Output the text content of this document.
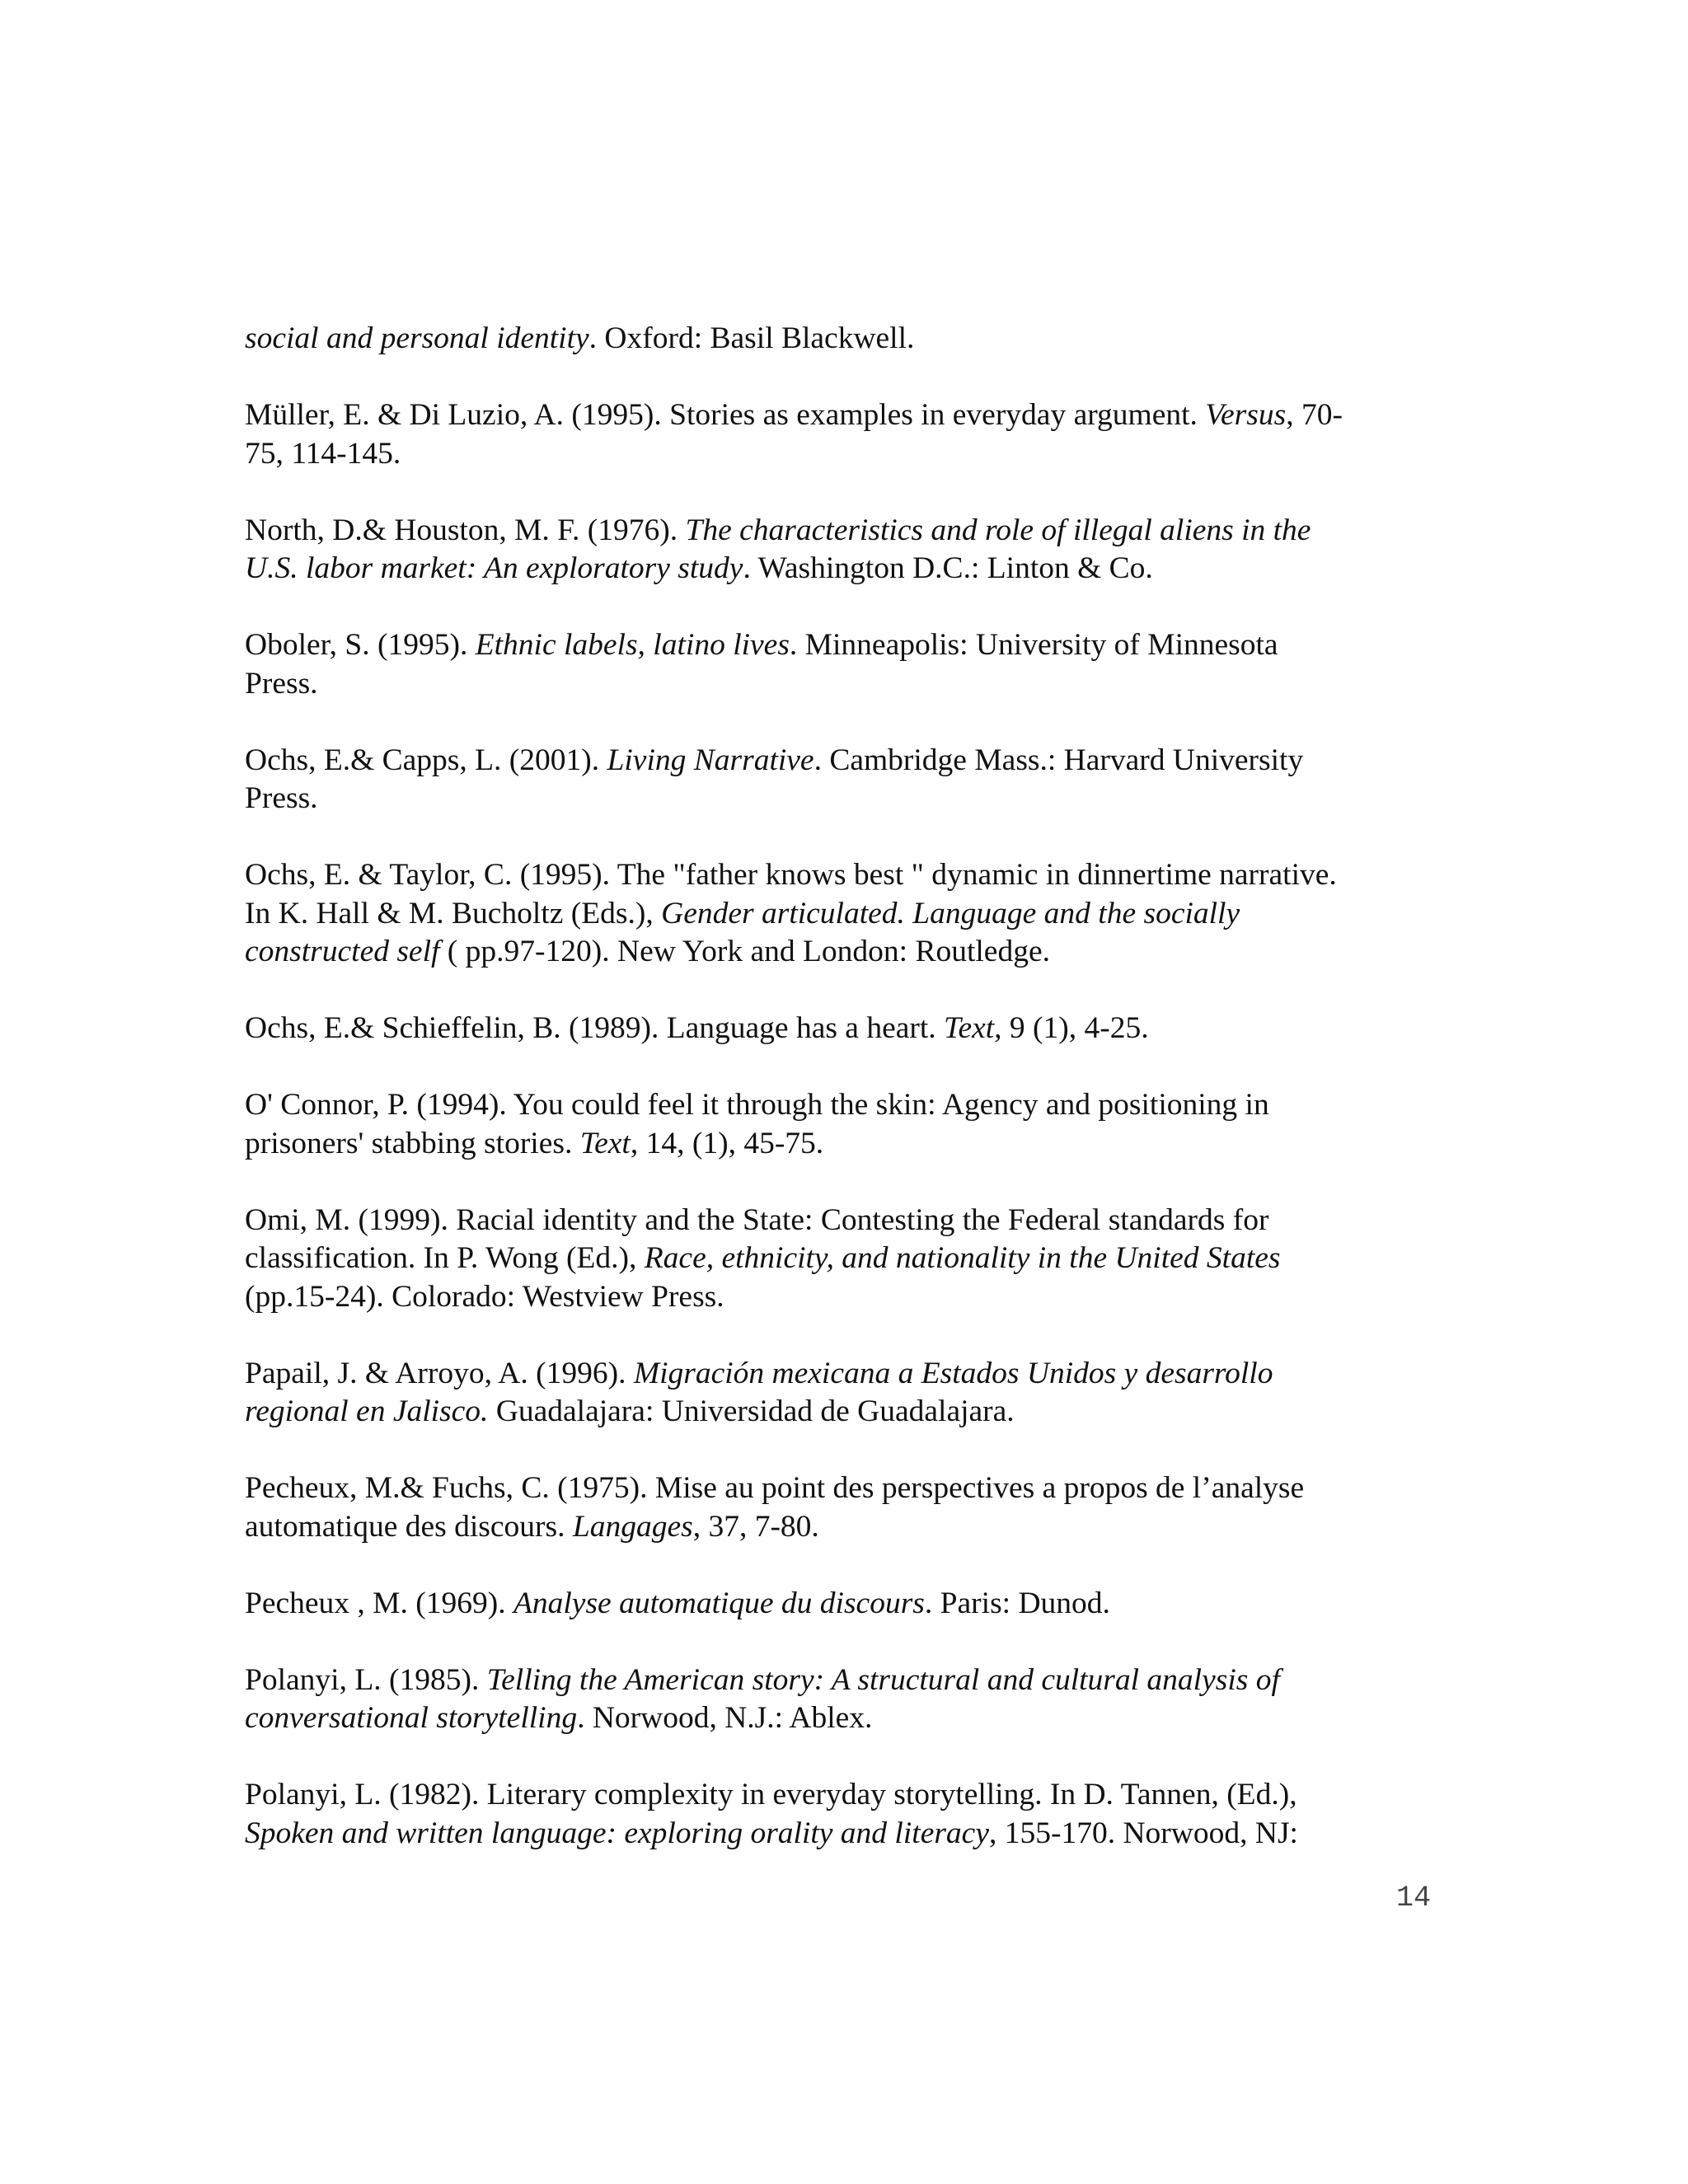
social and personal identity. Oxford: Basil Blackwell.

Müller, E. & Di Luzio, A. (1995). Stories as examples in everyday argument. Versus, 70-
75, 114-145.

North, D.& Houston, M. F. (1976). The characteristics and role of illegal aliens in the
U.S. labor market: An exploratory study. Washington D.C.: Linton & Co.

Oboler, S. (1995). Ethnic labels, latino lives. Minneapolis: University of Minnesota
Press.

Ochs, E.& Capps, L. (2001). Living Narrative. Cambridge Mass.: Harvard University
Press.

Ochs, E. & Taylor, C. (1995). The "father knows best " dynamic in dinnertime narrative.
In K. Hall & M. Bucholtz (Eds.), Gender articulated. Language and the socially
constructed self ( pp.97-120). New York and London: Routledge.

Ochs, E.& Schieffelin, B. (1989). Language has a heart. Text, 9 (1), 4-25.

O' Connor, P. (1994). You could feel it through the skin: Agency and positioning in
prisoners' stabbing stories. Text, 14, (1), 45-75.

Omi, M. (1999). Racial identity and the State: Contesting the Federal standards for
classification. In P. Wong (Ed.), Race, ethnicity, and nationality in the United States
(pp.15-24). Colorado: Westview Press.

Papail, J. & Arroyo, A. (1996). Migración mexicana a Estados Unidos y desarrollo
regional en Jalisco. Guadalajara: Universidad de Guadalajara.

Pecheux, M.& Fuchs, C. (1975). Mise au point des perspectives a propos de l’analyse
automatique des discours. Langages, 37, 7-80.

Pecheux , M. (1969). Analyse automatique du discours. Paris: Dunod.

Polanyi, L. (1985). Telling the American story: A structural and cultural analysis of
conversational storytelling. Norwood, N.J.: Ablex.

Polanyi, L. (1982). Literary complexity in everyday storytelling. In D. Tannen, (Ed.),
Spoken and written language: exploring orality and literacy, 155-170. Norwood, NJ:

14
